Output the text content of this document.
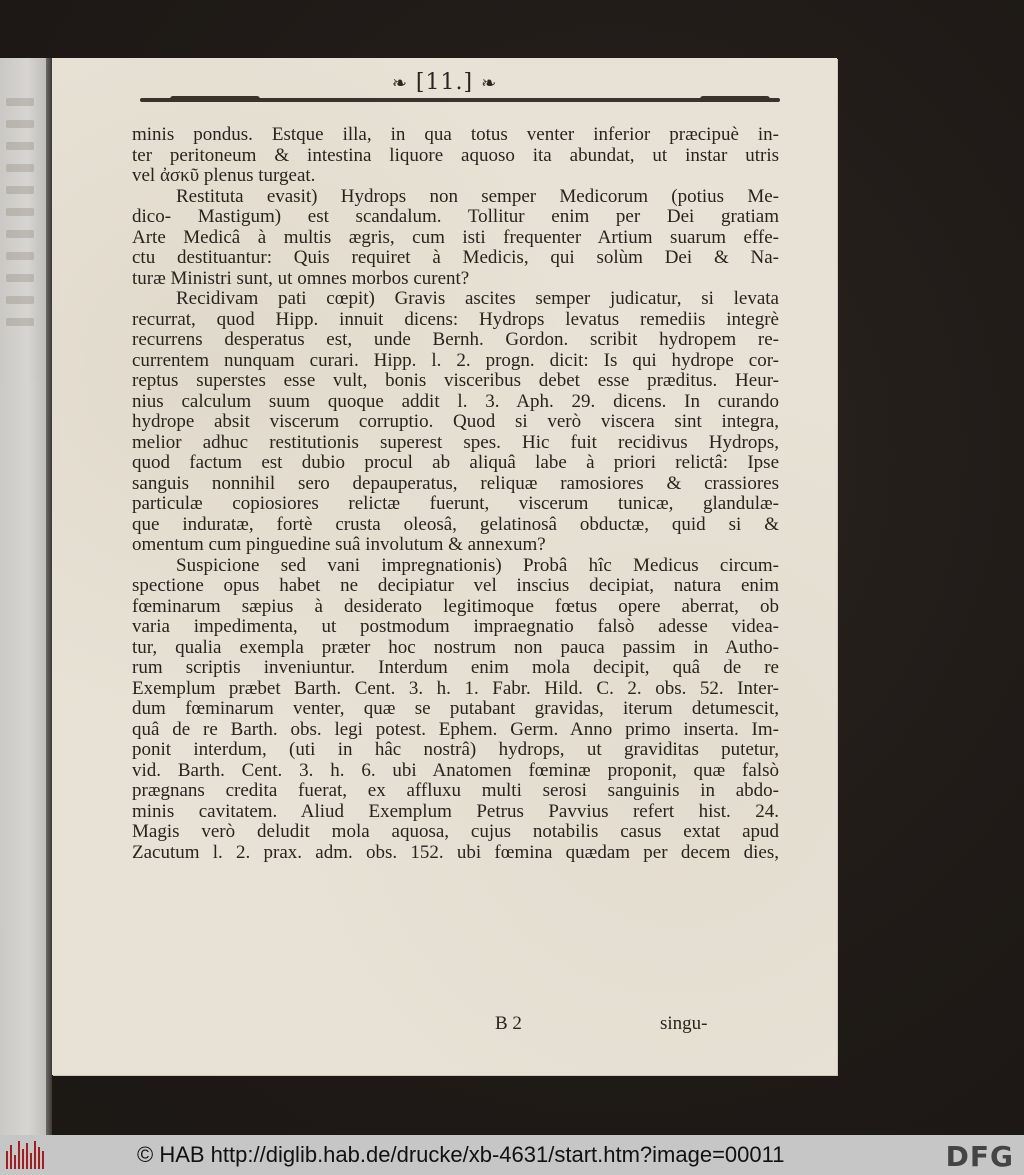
❧ [11.] ❧
minis pondus. Estque illa, in qua totus venter inferior præcipuè in-
ter peritoneum & intestina liquore aquoso ita abundat, ut instar utris
vel ἀσκῦ plenus turgeat.
Restituta evasit) Hydrops non semper Medicorum (potius Me-
dico- Mastigum) est scandalum. Tollitur enim per Dei gratiam
Arte Medicâ à multis ægris, cum isti frequenter Artium suarum effe-
ctu destituantur: Quis requiret à Medicis, qui solùm Dei & Na-
turæ Ministri sunt, ut omnes morbos curent?
Recidivam pati cœpit) Gravis ascites semper judicatur, si levata
recurrat, quod Hipp. innuit dicens: Hydrops levatus remediis integrè
recurrens desperatus est, unde Bernh. Gordon. scribit hydropem re-
currentem nunquam curari. Hipp. l. 2. progn. dicit: Is qui hydrope cor-
reptus superstes esse vult, bonis visceribus debet esse præditus. Heur-
nius calculum suum quoque addit l. 3. Aph. 29. dicens. In curando
hydrope absit viscerum corruptio. Quod si verò viscera sint integra,
melior adhuc restitutionis superest spes. Hic fuit recidivus Hydrops,
quod factum est dubio procul ab aliquâ labe à priori relictâ: Ipse
sanguis nonnihil sero depauperatus, reliquæ ramosiores & crassiores
particulæ copiosiores relictæ fuerunt, viscerum tunicæ, glandulæ-
que induratæ, fortè crusta oleosâ, gelatinosâ obductæ, quid si &
omentum cum pinguedine suâ involutum & annexum?
Suspicione sed vani impregnationis) Probâ hîc Medicus circum-
spectione opus habet ne decipiatur vel inscius decipiat, natura enim
fœminarum sæpius à desiderato legitimoque fœtus opere aberrat, ob
varia impedimenta, ut postmodum impraegnatio falsò adesse videa-
tur, qualia exempla præter hoc nostrum non pauca passim in Autho-
rum scriptis inveniuntur. Interdum enim mola decipit, quâ de re
Exemplum præbet Barth. Cent. 3. h. 1. Fabr. Hild. C. 2. obs. 52. Inter-
dum fœminarum venter, quæ se putabant gravidas, iterum detumescit,
quâ de re Barth. obs. legi potest. Ephem. Germ. Anno primo inserta. Im-
ponit interdum, (uti in hâc nostrâ) hydrops, ut graviditas putetur,
vid. Barth. Cent. 3. h. 6. ubi Anatomen fœminæ proponit, quæ falsò
prægnans credita fuerat, ex affluxu multi serosi sanguinis in abdo-
minis cavitatem. Aliud Exemplum Petrus Pavvius refert hist. 24.
Magis verò deludit mola aquosa, cujus notabilis casus extat apud
Zacutum l. 2. prax. adm. obs. 152. ubi fœmina quædam per decem dies,
B 2	singu-
© HAB http://diglib.hab.de/drucke/xb-4631/start.htm?image=00011	DFG
